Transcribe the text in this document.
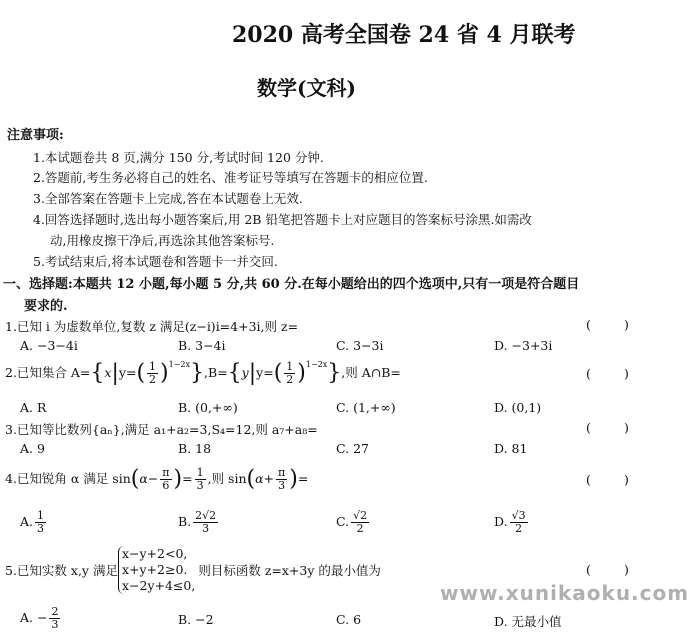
2020 高考全国卷 24 省 4 月联考
数学(文科)
注意事项:
1.本试题卷共 8 页,满分 150 分,考试时间 120 分钟.
2.答题前,考生务必将自己的姓名、准考证号等填写在答题卡的相应位置.
3.全部答案在答题卡上完成,答在本试题卷上无效.
4.回答选择题时,选出每小题答案后,用 2B 铅笔把答题卡上对应题目的答案标号涂黑.如需改
动,用橡皮擦干净后,再选涂其他答案标号.
5.考试结束后,将本试题卷和答题卡一并交回.
一、选择题:本题共 12 小题,每小题 5 分,共 60 分.在每小题给出的四个选项中,只有一项是符合题目
要求的.
1.已知 i 为虚数单位,复数 z 满足(z−i)i=4+3i,则 z=	(	)
A. −3−4i	B. 3−4i	C. 3−3i	D. −3+3i
2.已知集合 $A=\{x|y=( \frac{1}{2} )^{1-2x}\},B=\{y|y=( \frac{1}{2} )^{1-2x}\}$,则 A∩B=	(	)
A. R	B. (0,+∞)	C. (1,+∞)	D. (0,1)
3.已知等比数列{aₙ},满足 a₁+a₂=3,S₄=12,则 a₇+a₈=	(	)
A. 9	B. 18	C. 27	D. 81
4.已知锐角 α 满足 $\sin(\alpha- \frac{\pi}{6}$ )= $\frac{1}{3}$ ,则 $\sin(\alpha+ \frac{\pi}{3}$ )=	(	)
A. $\frac{1}{3}$	B. $\frac{2√2}{3}$	C. $\frac{√2}{2}$	D. $\frac{√3}{2}$
5.已知实数 x,y 满足
x−y+2<0,
x+y+2≥0.
x−2y+4≤0,
则目标函数 z=x+3y 的最小值为	(	)
A. − $\frac{2}{3}$	B. −2	C. 6	D. 无最小值
www.xunikaoku.com
